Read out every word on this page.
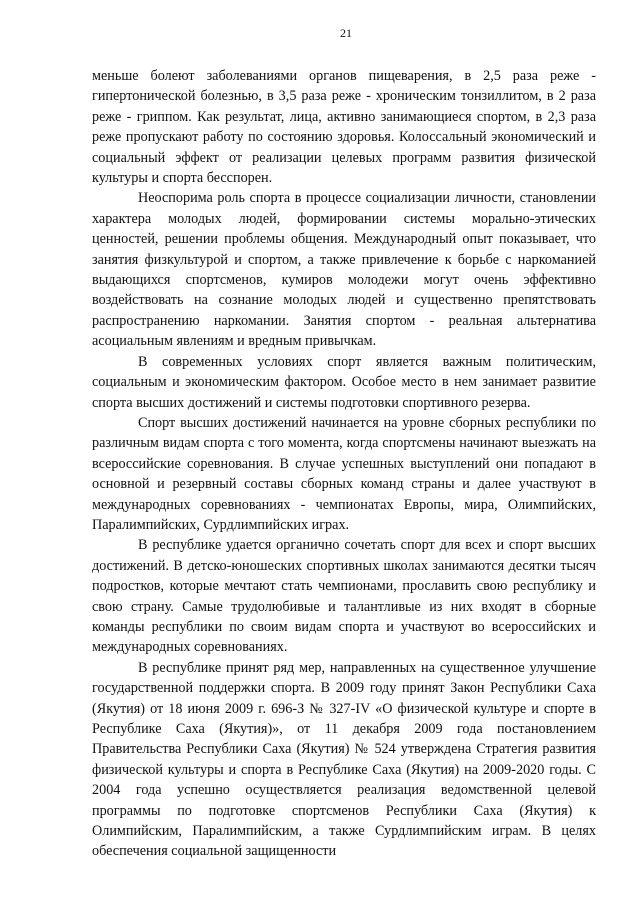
21

меньше болеют заболеваниями органов пищеварения, в 2,5 раза реже - гипертонической болезнью, в 3,5 раза реже - хроническим тонзиллитом, в 2 раза реже - гриппом. Как результат, лица, активно занимающиеся спортом, в 2,3 раза реже пропускают работу по состоянию здоровья. Колоссальный экономический и социальный эффект от реализации целевых программ развития физической культуры и спорта бесспорен.

Неоспорима роль спорта в процессе социализации личности, становлении характера молодых людей, формировании системы морально-этических ценностей, решении проблемы общения. Международный опыт показывает, что занятия физкультурой и спортом, а также привлечение к борьбе с наркоманией выдающихся спортсменов, кумиров молодежи могут очень эффективно воздействовать на сознание молодых людей и существенно препятствовать распространению наркомании. Занятия спортом - реальная альтернатива асоциальным явлениям и вредным привычкам.

В современных условиях спорт является важным политическим, социальным и экономическим фактором. Особое место в нем занимает развитие спорта высших достижений и системы подготовки спортивного резерва.

Спорт высших достижений начинается на уровне сборных республики по различным видам спорта с того момента, когда спортсмены начинают выезжать на всероссийские соревнования. В случае успешных выступлений они попадают в основной и резервный составы сборных команд страны и далее участвуют в международных соревнованиях - чемпионатах Европы, мира, Олимпийских, Паралимпийских, Сурдлимпийских играх.

В республике удается органично сочетать спорт для всех и спорт высших достижений. В детско-юношеских спортивных школах занимаются десятки тысяч подростков, которые мечтают стать чемпионами, прославить свою республику и свою страну. Самые трудолюбивые и талантливые из них входят в сборные команды республики по своим видам спорта и участвуют во всероссийских и международных соревнованиях.

В республике принят ряд мер, направленных на существенное улучшение государственной поддержки спорта. В 2009 году принят Закон Республики Саха (Якутия) от 18 июня 2009 г. 696-З № 327-IV «О физической культуре и спорте в Республике Саха (Якутия)», от 11 декабря 2009 года постановлением Правительства Республики Саха (Якутия) № 524 утверждена Стратегия развития физической культуры и спорта в Республике Саха (Якутия) на 2009-2020 годы. С 2004 года успешно осуществляется реализация ведомственной целевой программы по подготовке спортсменов Республики Саха (Якутия) к Олимпийским, Паралимпийским, а также Сурдлимпийским играм. В целях обеспечения социальной защищенности
